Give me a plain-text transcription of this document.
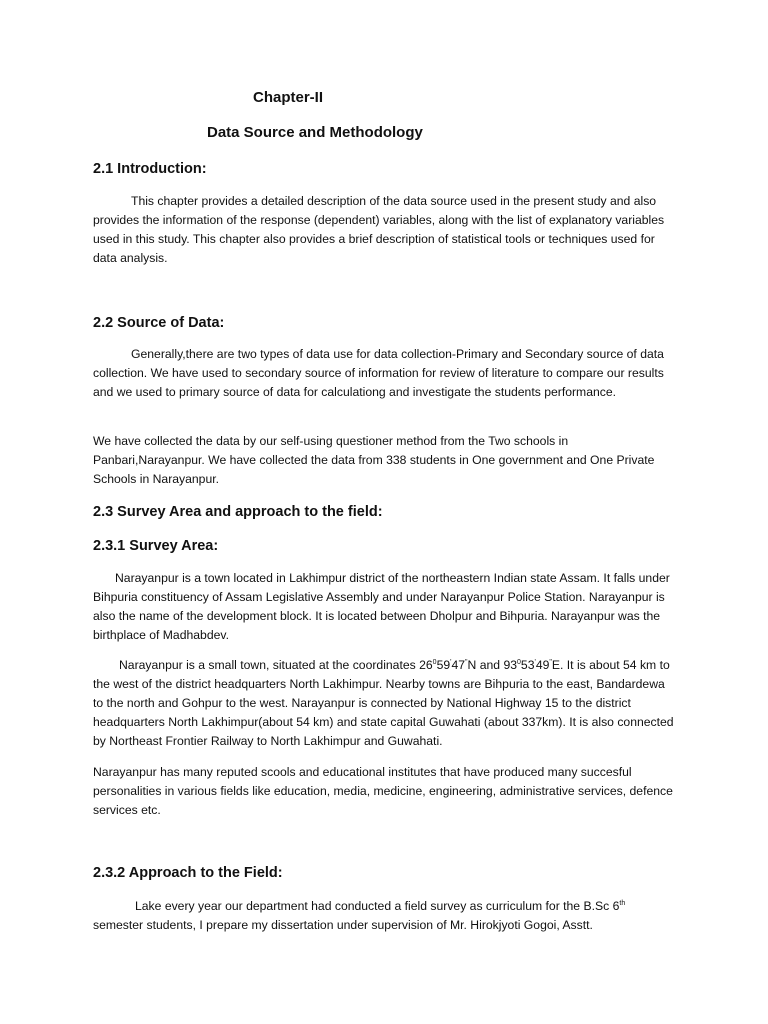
Chapter-II

Data Source and Methodology

2.1 Introduction:

This chapter provides a detailed description of the data source used in the present study and also provides the information of the response (dependent) variables, along with the list of explanatory variables used in this study. This chapter also provides a brief description of statistical tools or techniques used for data analysis.

2.2 Source of Data:

Generally,there are two types of data use for data collection-Primary and Secondary source of data collection. We have used to secondary source of information for review of literature to compare our results and we used to primary source of data for calculationg and investigate the students performance.

We have collected the data by our self-using questioner method from the Two schools in Panbari,Narayanpur. We have collected the data from 338 students in One government and One Private Schools in Narayanpur.

2.3 Survey Area and approach to the field:

2.3.1 Survey Area:

Narayanpur is a town located in Lakhimpur district of the northeastern Indian state Assam. It falls under Bihpuria constituency of Assam Legislative Assembly and under Narayanpur Police Station. Narayanpur is also the name of the development block. It is located between Dholpur and Bihpuria. Narayanpur was the birthplace of Madhabdev.

Narayanpur is a small town, situated at the coordinates $26^059'47^"N$ and $93^053'49^"E$. It is about 54 km to the west of the district headquarters North Lakhimpur. Nearby towns are Bihpuria to the east, Bandardewa to the north and Gohpur to the west. Narayanpur is connected by National Highway 15 to the district headquarters North Lakhimpur(about 54 km) and state capital Guwahati (about 337km). It is also connected by Northeast Frontier Railway to North Lakhimpur and Guwahati.

Narayanpur has many reputed scools and educational institutes that have produced many succesful personalities in various fields like education, media, medicine, engineering, administrative services, defence services etc.

2.3.2 Approach to the Field:

Lake every year our department had conducted a field survey as curriculum for the B.Sc 6th semester students, I prepare my dissertation under supervision of Mr. Hirokjyoti Gogoi, Asstt.
